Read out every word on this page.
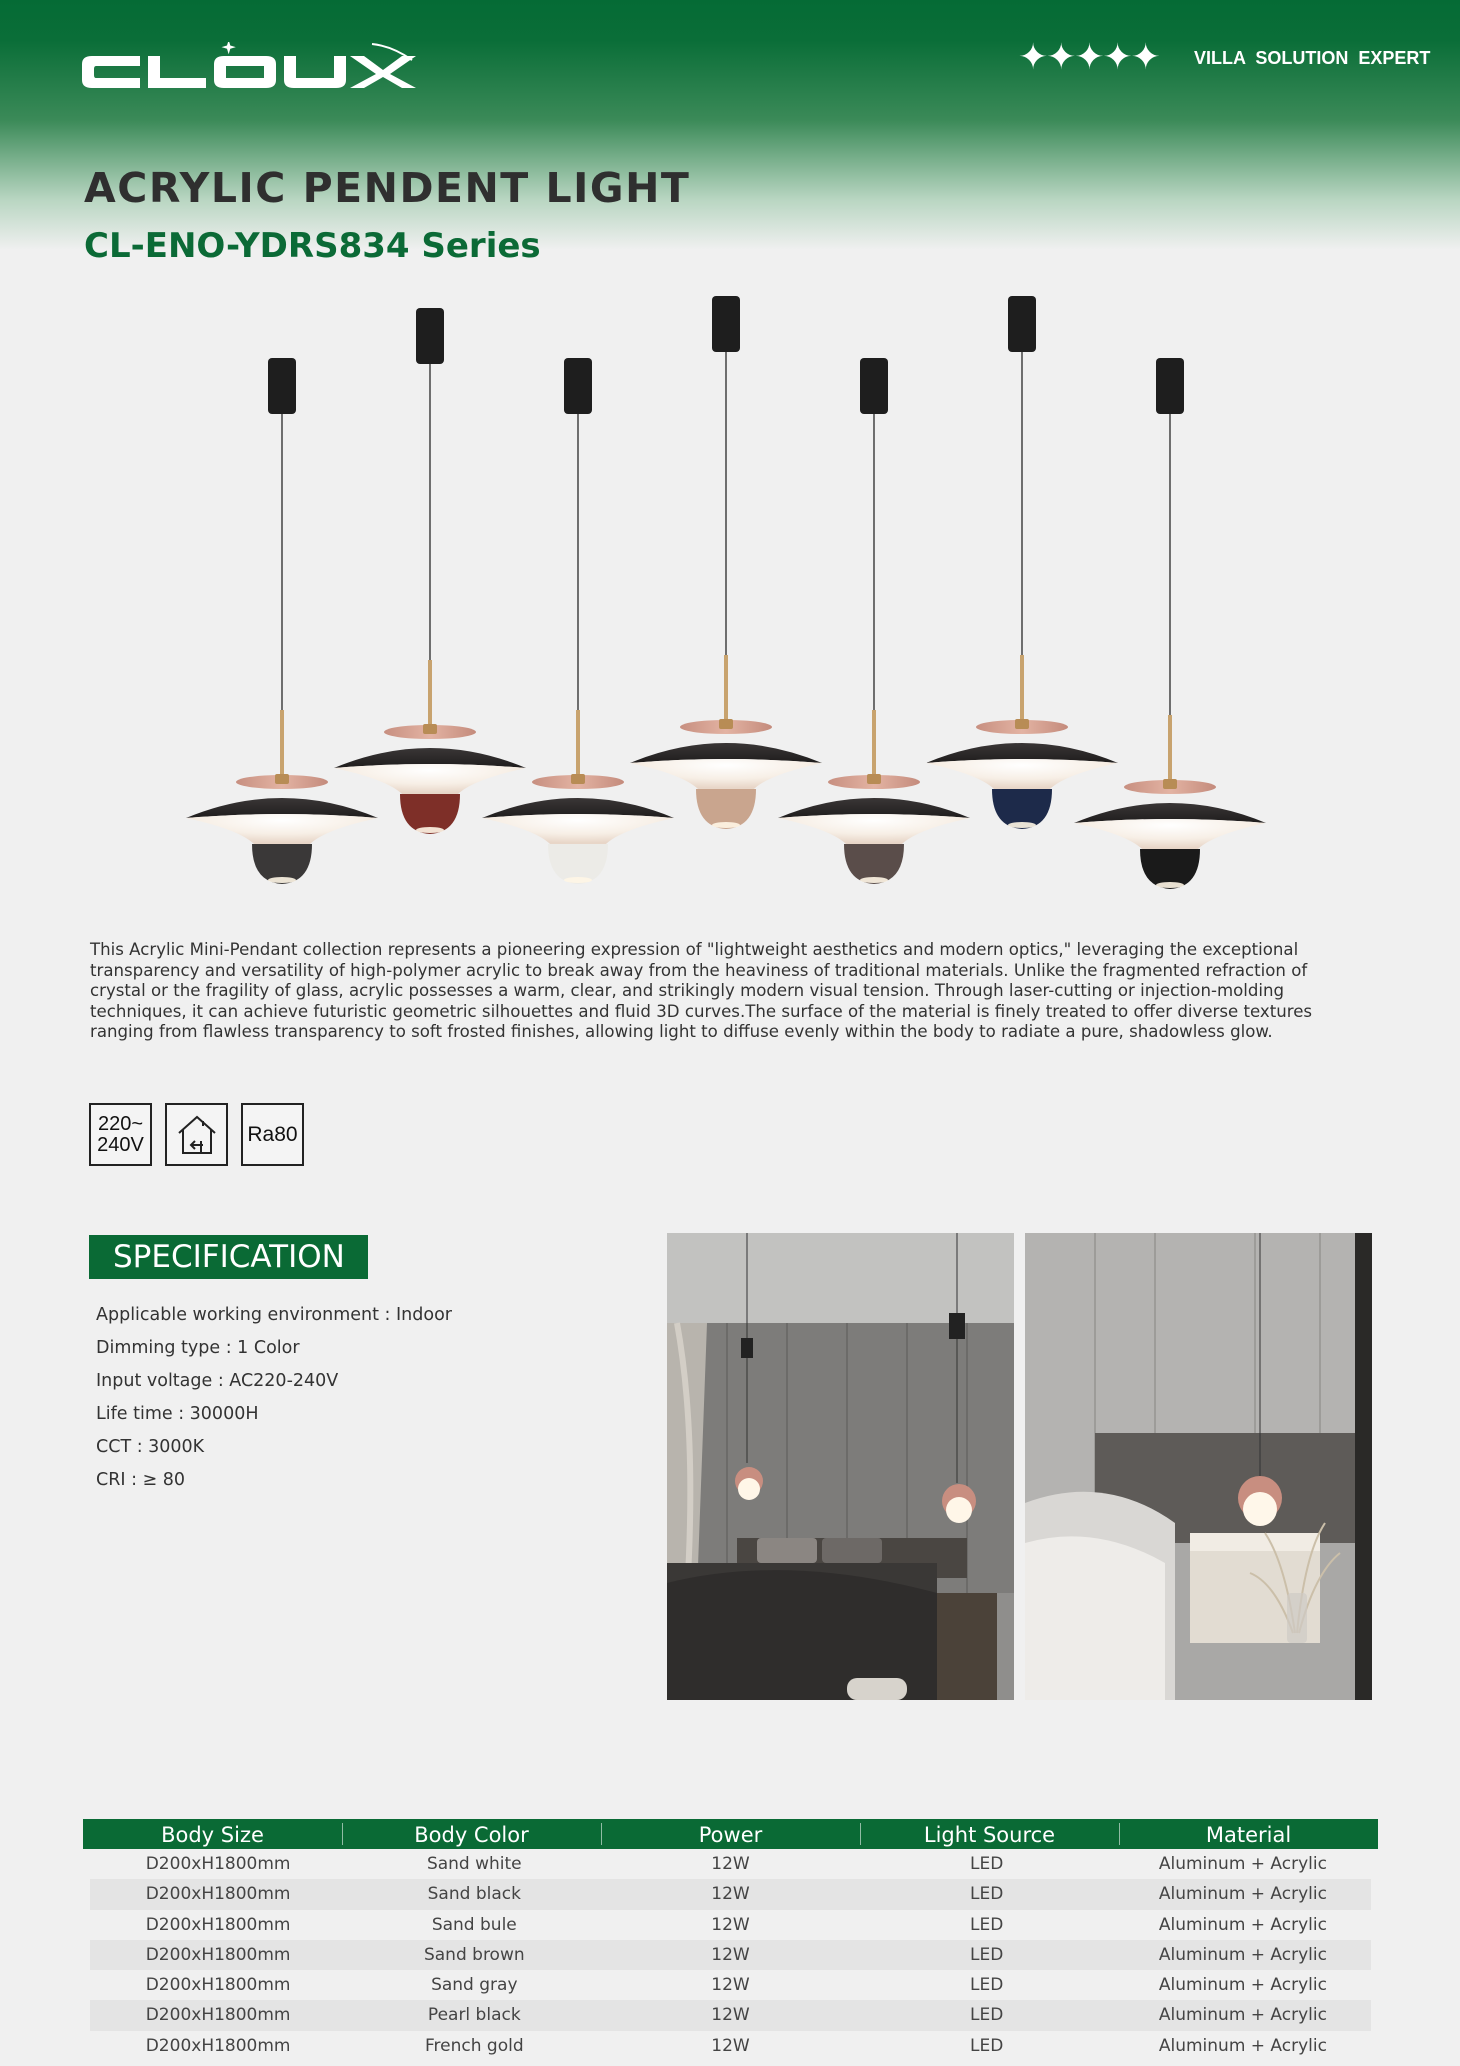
✦✦✦✦✦ VILLA SOLUTION EXPERT
ACRYLIC PENDENT LIGHT
CL-ENO-YDRS834 Series

This Acrylic Mini-Pendant collection represents a pioneering expression of "lightweight aesthetics and modern optics," leveraging the exceptional transparency and versatility of high-polymer acrylic to break away from the heaviness of traditional materials. Unlike the fragmented refraction of crystal or the fragility of glass, acrylic possesses a warm, clear, and strikingly modern visual tension. Through laser-cutting or injection-molding techniques, it can achieve futuristic geometric silhouettes and fluid 3D curves.The surface of the material is finely treated to offer diverse textures ranging from flawless transparency to soft frosted finishes, allowing light to diffuse evenly within the body to radiate a pure, shadowless glow.

220~
240V	Ra80
SPECIFICATION
Applicable working environment : Indoor
Dimming type : 1 Color
Input voltage : AC220-240V
Life time : 30000H
CCT : 3000K
CRI : ≥ 80
Body Size	Body Color	Power	Light Source	Material
D200xH1800mm	Sand white	12W	LED	Aluminum + Acrylic
D200xH1800mm	Sand black	12W	LED	Aluminum + Acrylic
D200xH1800mm	Sand bule	12W	LED	Aluminum + Acrylic
D200xH1800mm	Sand brown	12W	LED	Aluminum + Acrylic
D200xH1800mm	Sand gray	12W	LED	Aluminum + Acrylic
D200xH1800mm	Pearl black	12W	LED	Aluminum + Acrylic
D200xH1800mm	French gold	12W	LED	Aluminum + Acrylic
